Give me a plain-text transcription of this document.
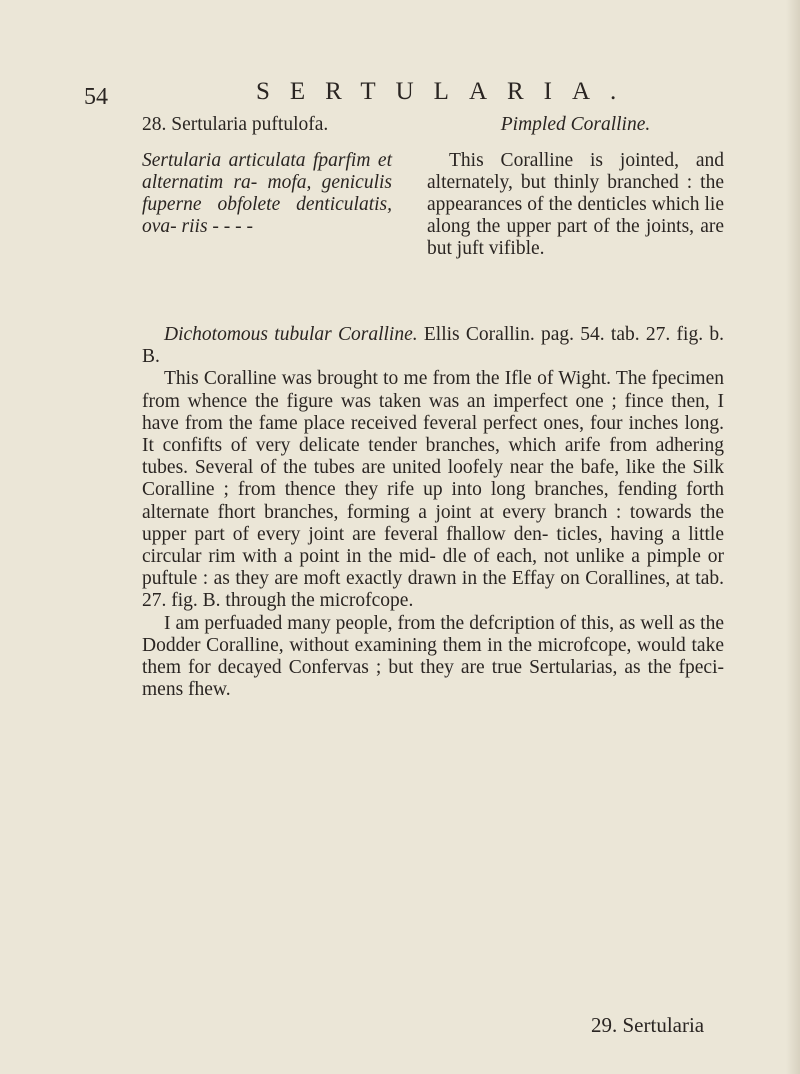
54	SERTULARIA.
28. Sertularia puftulofa.
Sertularia articulata fparfim et alternatim ra- mofa, geniculis fuperne obfolete denticulatis, ova- riis - - - -
Pimpled Coralline.
This Coralline is jointed, and alternately, but thinly branched : the appearances of the denticles which lie along the upper part of the joints, are but juft vifible.

Dichotomous tubular Coralline. Ellis Corallin. pag. 54. tab. 27. fig. b. B.

This Coralline was brought to me from the Ifle of Wight. The fpecimen from whence the figure was taken was an imperfect one ; fince then, I have from the fame place received feveral perfect ones, four inches long. It confifts of very delicate tender branches, which arife from adhering tubes. Several of the tubes are united loofely near the bafe, like the Silk Coralline ; from thence they rife up into long branches, fending forth alternate fhort branches, forming a joint at every branch : towards the upper part of every joint are feveral fhallow den- ticles, having a little circular rim with a point in the mid- dle of each, not unlike a pimple or puftule : as they are moft exactly drawn in the Effay on Corallines, at tab. 27. fig. B. through the microfcope.

I am perfuaded many people, from the defcription of this, as well as the Dodder Coralline, without examining them in the microfcope, would take them for decayed Confervas ; but they are true Sertularias, as the fpeci- mens fhew.

29. Sertularia
